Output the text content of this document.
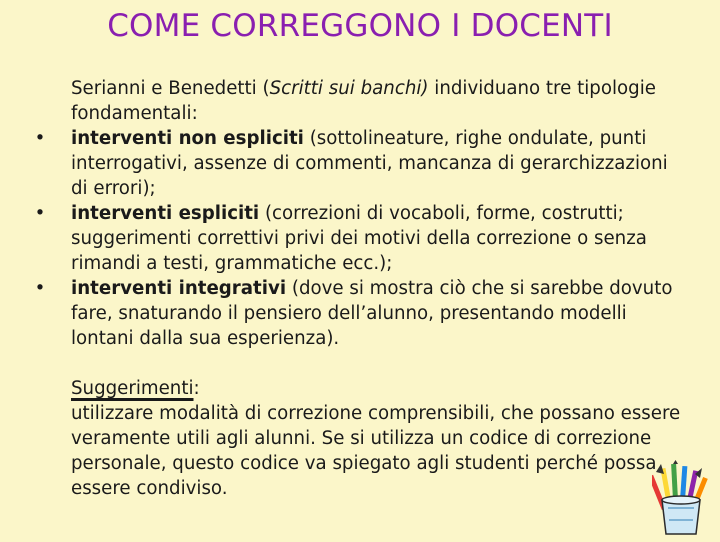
COME CORREGGONO I DOCENTI

Serianni e Benedetti (Scritti sui banchi) individuano tre tipologie fondamentali:

• interventi non espliciti (sottolineature, righe ondulate, punti interrogativi, assenze di commenti, mancanza di gerarchizzazioni di errori);
• interventi espliciti (correzioni di vocaboli, forme, costrutti; suggerimenti correttivi privi dei motivi della correzione o senza rimandi a testi, grammatiche ecc.);
• interventi integrativi (dove si mostra ciò che si sarebbe dovuto fare, snaturando il pensiero dell’alunno, presentando modelli lontani dalla sua esperienza).

Suggerimenti:

utilizzare modalità di correzione comprensibili, che possano essere veramente utili agli alunni. Se si utilizza un codice di correzione personale, questo codice va spiegato agli studenti perché possa essere condiviso.
